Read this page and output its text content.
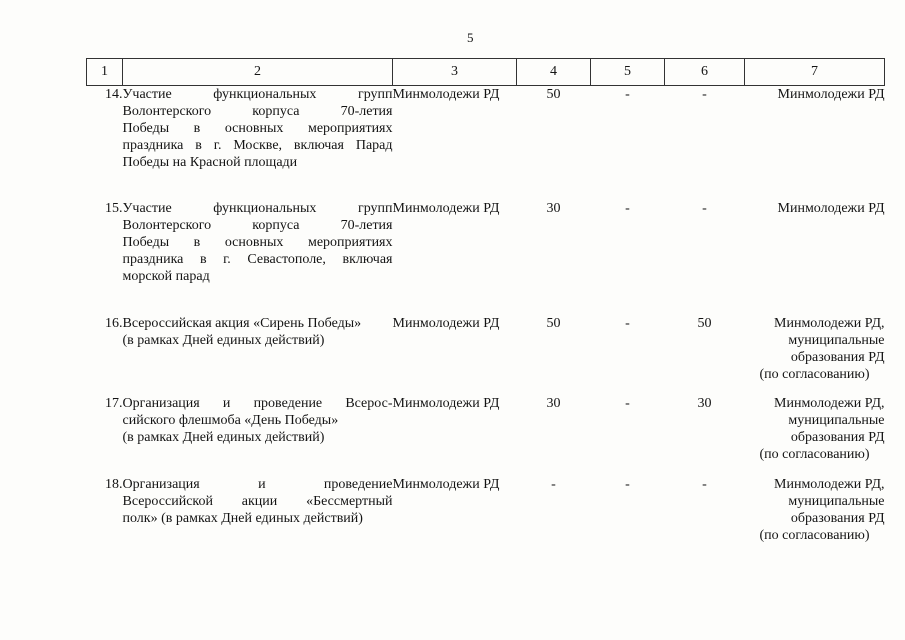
5
1	2	3	4	5	6	7
14.	Участие функциональных групп
Волонтерского корпуса 70-летия
Победы в основных мероприятиях
праздника в г. Москве, включая Парад
Победы на Красной площади	Минмолодежи РД	50	-	-	Минмолодежи РД

15.	Участие функциональных групп
Волонтерского корпуса 70-летия
Победы в основных мероприятиях
праздника в г. Севастополе, включая
морской парад	Минмолодежи РД	30	-	-	Минмолодежи РД

16.	Всероссийская акция «Сирень Победы»
(в рамках Дней единых действий)	Минмолодежи РД	50	-	50	Минмолодежи РД,
муниципальные
образования РД
(по согласованию)

17.	Организация и проведение Всерос-
сийского флешмоба «День Победы»
(в рамках Дней единых действий)	Минмолодежи РД	30	-	30	Минмолодежи РД,
муниципальные
образования РД
(по согласованию)

18.	Организация и проведение
Всероссийской акции «Бессмертный
полк» (в рамках Дней единых действий)	Минмолодежи РД	-	-	-	Минмолодежи РД,
муниципальные
образования РД
(по согласованию)
